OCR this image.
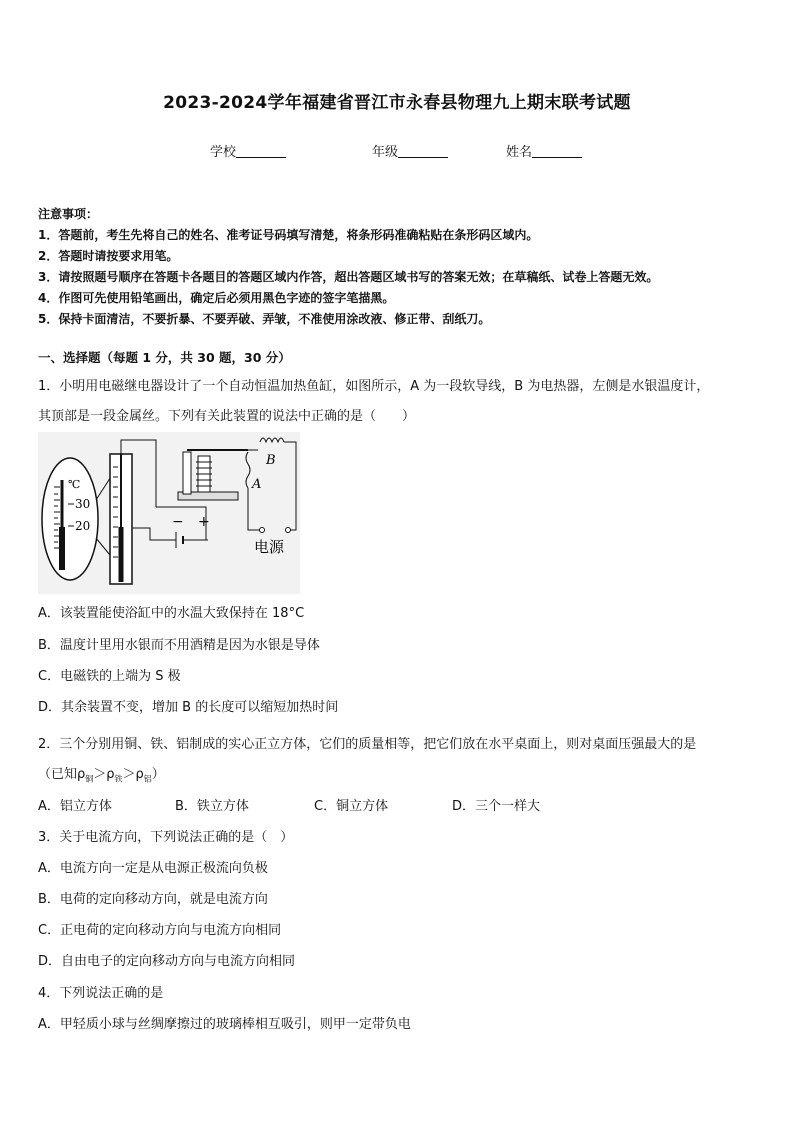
2023-2024学年福建省晋江市永春县物理九上期末联考试题
学校	年级	姓名
注意事项：
1．答题前，考生先将自己的姓名、准考证号码填写清楚，将条形码准确粘贴在条形码区域内。
2．答题时请按要求用笔。
3．请按照题号顺序在答题卡各题目的答题区域内作答，超出答题区域书写的答案无效；在草稿纸、试卷上答题无效。
4．作图可先使用铅笔画出，确定后必须用黑色字迹的签字笔描黑。
5．保持卡面清洁，不要折暴、不要弄破、弄皱，不准使用涂改液、修正带、刮纸刀。
一、选择题（每题 1 分，共 30 题，30 分）
1．小明用电磁继电器设计了一个自动恒温加热鱼缸，如图所示，A 为一段软导线，B 为电热器，左侧是水银温度计，
其顶部是一段金属丝。下列有关此装置的说法中正确的是（　　）
℃
30
20	− +
B
A
电源
A．该装置能使浴缸中的水温大致保持在 18°C
B．温度计里用水银而不用酒精是因为水银是导体
C．电磁铁的上端为 S 极
D．其余装置不变，增加 B 的长度可以缩短加热时间
2．三个分别用铜、铁、铝制成的实心正立方体，它们的质量相等，把它们放在水平桌面上，则对桌面压强最大的是
（已知$\rho_铜>\rho_铁>\rho_铝$）
A．铝立方体	B．铁立方体	C．铜立方体	D．三个一样大
3．关于电流方向，下列说法正确的是（　）
A．电流方向一定是从电源正极流向负极
B．电荷的定向移动方向，就是电流方向
C．正电荷的定向移动方向与电流方向相同
D．自由电子的定向移动方向与电流方向相同
4．下列说法正确的是
A．甲轻质小球与丝绸摩擦过的玻璃棒相互吸引，则甲一定带负电
